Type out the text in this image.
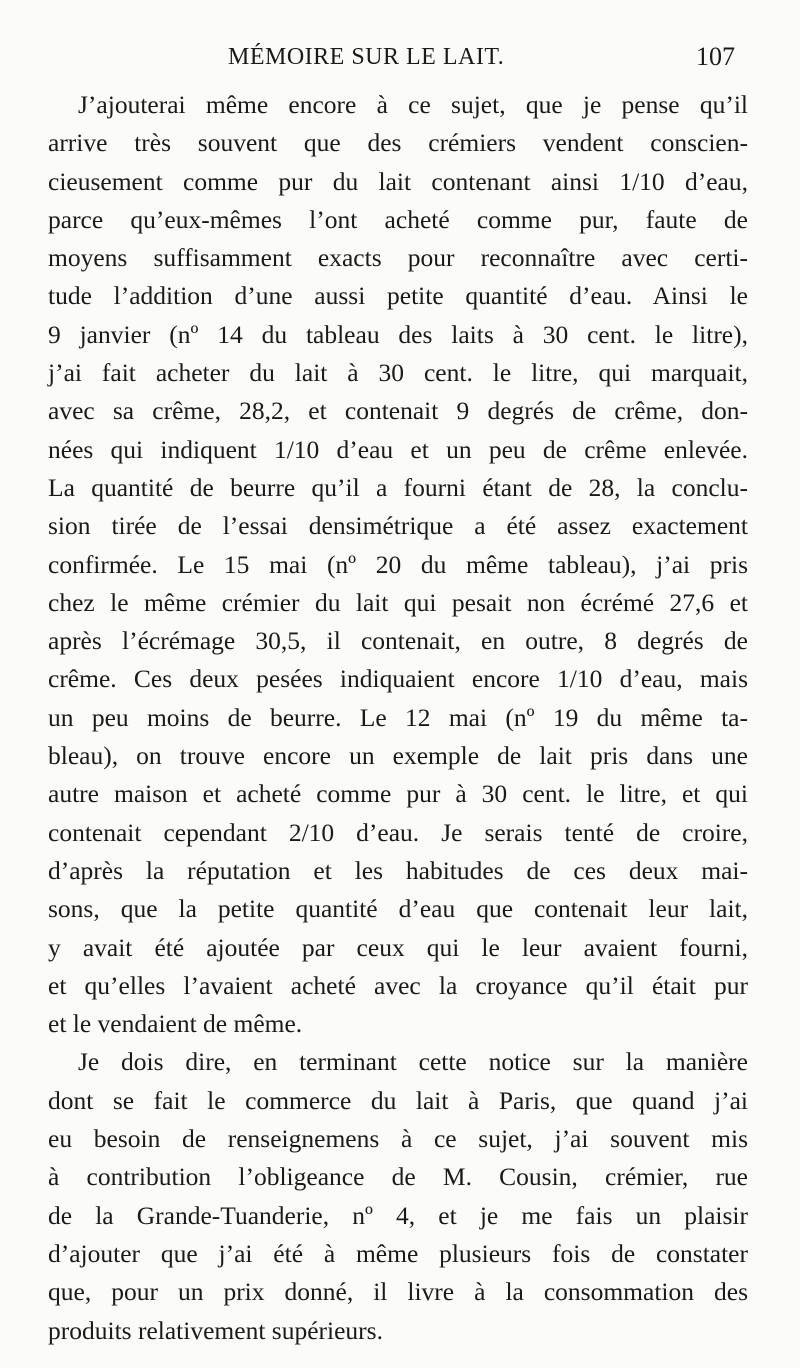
MÉMOIRE SUR LE LAIT.	107
J’ajouterai même encore à ce sujet, que je pense qu’il
arrive très souvent que des crémiers vendent conscien-
cieusement comme pur du lait contenant ainsi 1/10 d’eau,
parce qu’eux-mêmes l’ont acheté comme pur, faute de
moyens suffisamment exacts pour reconnaître avec certi-
tude l’addition d’une aussi petite quantité d’eau. Ainsi le
9 janvier (nº 14 du tableau des laits à 30 cent. le litre),
j’ai fait acheter du lait à 30 cent. le litre, qui marquait,
avec sa crême, 28,2, et contenait 9 degrés de crême, don-
nées qui indiquent 1/10 d’eau et un peu de crême enlevée.
La quantité de beurre qu’il a fourni étant de 28, la conclu-
sion tirée de l’essai densimétrique a été assez exactement
confirmée. Le 15 mai (nº 20 du même tableau), j’ai pris
chez le même crémier du lait qui pesait non écrémé 27,6 et
après l’écrémage 30,5, il contenait, en outre, 8 degrés de
crême. Ces deux pesées indiquaient encore 1/10 d’eau, mais
un peu moins de beurre. Le 12 mai (nº 19 du même ta-
bleau), on trouve encore un exemple de lait pris dans une
autre maison et acheté comme pur à 30 cent. le litre, et qui
contenait cependant 2/10 d’eau. Je serais tenté de croire,
d’après la réputation et les habitudes de ces deux mai-
sons, que la petite quantité d’eau que contenait leur lait,
y avait été ajoutée par ceux qui le leur avaient fourni,
et qu’elles l’avaient acheté avec la croyance qu’il était pur
et le vendaient de même.
Je dois dire, en terminant cette notice sur la manière
dont se fait le commerce du lait à Paris, que quand j’ai
eu besoin de renseignemens à ce sujet, j’ai souvent mis
à contribution l’obligeance de M. Cousin, crémier, rue
de la Grande-Tuanderie, nº 4, et je me fais un plaisir
d’ajouter que j’ai été à même plusieurs fois de constater
que, pour un prix donné, il livre à la consommation des
produits relativement supérieurs.
